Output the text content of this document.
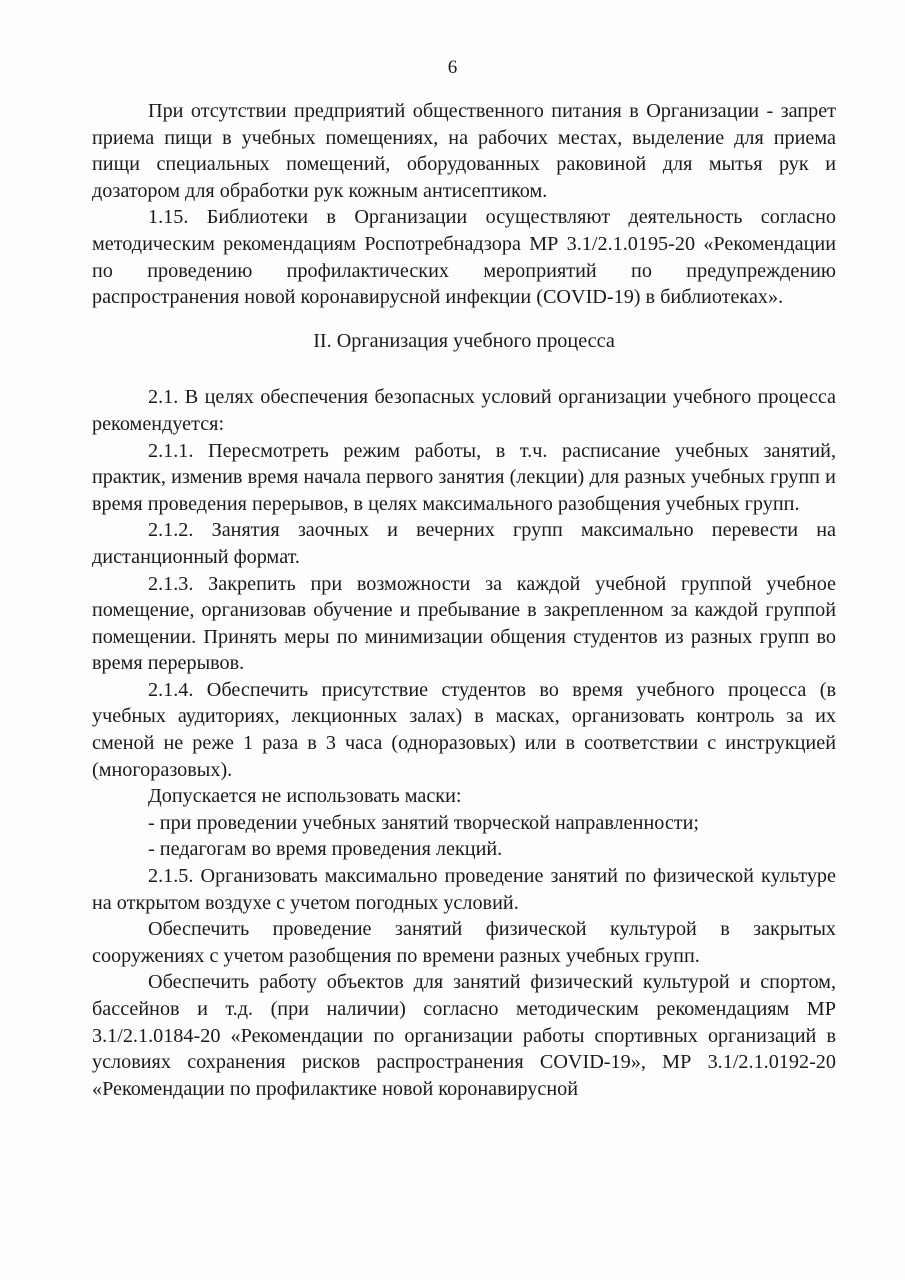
6

При отсутствии предприятий общественного питания в Организации - запрет приема пищи в учебных помещениях, на рабочих местах, выделение для приема пищи специальных помещений, оборудованных раковиной для мытья рук и дозатором для обработки рук кожным антисептиком.

1.15. Библиотеки в Организации осуществляют деятельность согласно методическим рекомендациям Роспотребнадзора МР 3.1/2.1.0195-20 «Рекомендации по проведению профилактических мероприятий по предупреждению распространения новой коронавирусной инфекции (COVID-19) в библиотеках».

II. Организация учебного процесса

2.1. В целях обеспечения безопасных условий организации учебного процесса рекомендуется:

2.1.1. Пересмотреть режим работы, в т.ч. расписание учебных занятий, практик, изменив время начала первого занятия (лекции) для разных учебных групп и время проведения перерывов, в целях максимального разобщения учебных групп.

2.1.2. Занятия заочных и вечерних групп максимально перевести на дистанционный формат.

2.1.3. Закрепить при возможности за каждой учебной группой учебное помещение, организовав обучение и пребывание в закрепленном за каждой группой помещении. Принять меры по минимизации общения студентов из разных групп во время перерывов.

2.1.4. Обеспечить присутствие студентов во время учебного процесса (в учебных аудиториях, лекционных залах) в масках, организовать контроль за их сменой не реже 1 раза в 3 часа (одноразовых) или в соответствии с инструкцией (многоразовых).

Допускается не использовать маски:

- при проведении учебных занятий творческой направленности;

- педагогам во время проведения лекций.

2.1.5. Организовать максимально проведение занятий по физической культуре на открытом воздухе с учетом погодных условий.

Обеспечить проведение занятий физической культурой в закрытых сооружениях с учетом разобщения по времени разных учебных групп.

Обеспечить работу объектов для занятий физический культурой и спортом, бассейнов и т.д. (при наличии) согласно методическим рекомендациям МР 3.1/2.1.0184-20 «Рекомендации по организации работы спортивных организаций в условиях сохранения рисков распространения COVID-19», МР 3.1/2.1.0192-20 «Рекомендации по профилактике новой коронавирусной
